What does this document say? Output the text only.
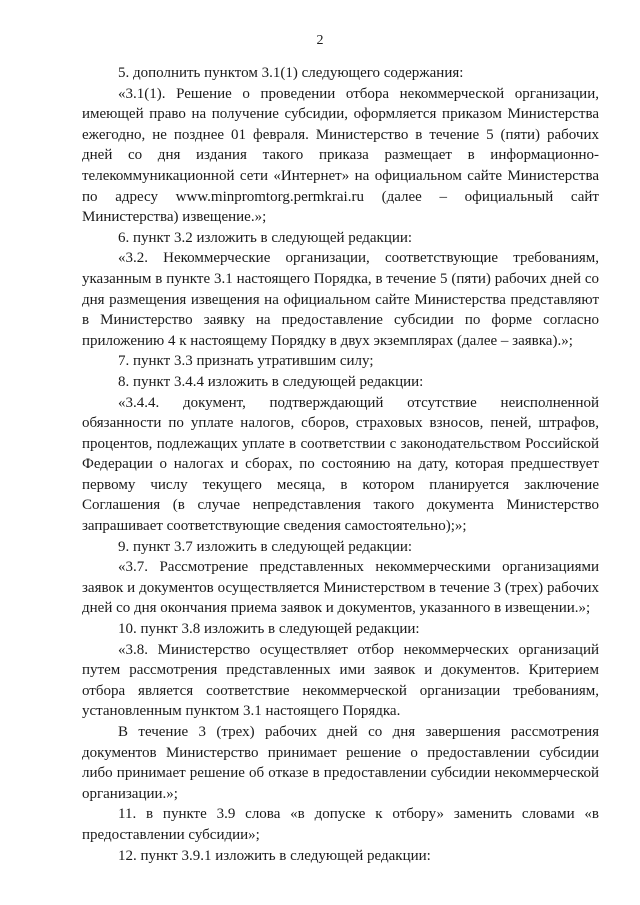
2

5. дополнить пунктом 3.1(1) следующего содержания:

«3.1(1). Решение о проведении отбора некоммерческой организации, имеющей право на получение субсидии, оформляется приказом Министерства ежегодно, не позднее 01 февраля. Министерство в течение 5 (пяти) рабочих дней со дня издания такого приказа размещает в информационно-телекоммуникационной сети «Интернет» на официальном сайте Министерства по адресу www.minpromtorg.permkrai.ru (далее – официальный сайт Министерства) извещение.»;

6. пункт 3.2 изложить в следующей редакции:

«3.2. Некоммерческие организации, соответствующие требованиям, указанным в пункте 3.1 настоящего Порядка, в течение 5 (пяти) рабочих дней со дня размещения извещения на официальном сайте Министерства представляют в Министерство заявку на предоставление субсидии по форме согласно приложению 4 к настоящему Порядку в двух экземплярах (далее – заявка).»;

7. пункт 3.3 признать утратившим силу;

8. пункт 3.4.4 изложить в следующей редакции:

«3.4.4. документ, подтверждающий отсутствие неисполненной обязанности по уплате налогов, сборов, страховых взносов, пеней, штрафов, процентов, подлежащих уплате в соответствии с законодательством Российской Федерации о налогах и сборах, по состоянию на дату, которая предшествует первому числу текущего месяца, в котором планируется заключение Соглашения (в случае непредставления такого документа Министерство запрашивает соответствующие сведения самостоятельно);»;

9. пункт 3.7 изложить в следующей редакции:

«3.7. Рассмотрение представленных некоммерческими организациями заявок и документов осуществляется Министерством в течение 3 (трех) рабочих дней со дня окончания приема заявок и документов, указанного в извещении.»;

10. пункт 3.8 изложить в следующей редакции:

«3.8. Министерство осуществляет отбор некоммерческих организаций путем рассмотрения представленных ими заявок и документов. Критерием отбора является соответствие некоммерческой организации требованиям, установленным пунктом 3.1 настоящего Порядка.

В течение 3 (трех) рабочих дней со дня завершения рассмотрения документов Министерство принимает решение о предоставлении субсидии либо принимает решение об отказе в предоставлении субсидии некоммерческой организации.»;

11. в пункте 3.9 слова «в допуске к отбору» заменить словами «в предоставлении субсидии»;

12. пункт 3.9.1 изложить в следующей редакции:
